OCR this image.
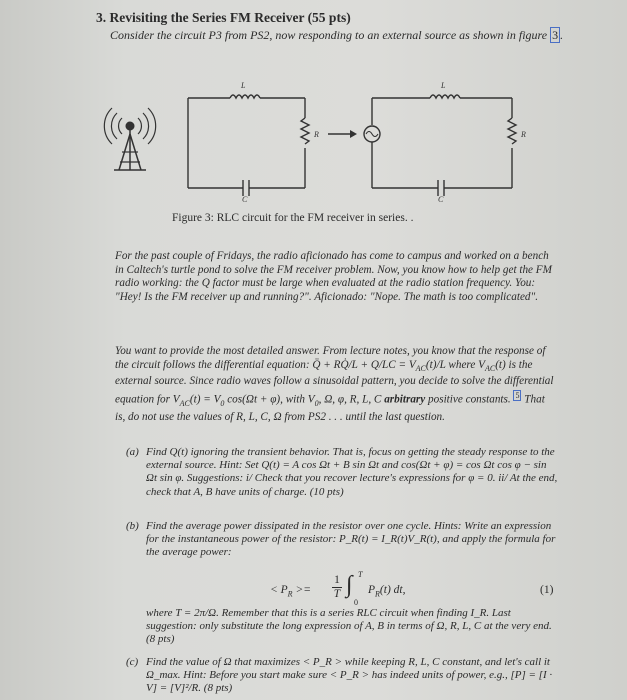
3. Revisiting the Series FM Receiver (55 pts)
Consider the circuit P3 from PS2, now responding to an external source as shown in figure 3 .
L
R
C
L
R
C
Figure 3: RLC circuit for the FM receiver in series. .
For the past couple of Fridays, the radio aficionado has come to campus and worked on a bench in Caltech's turtle pond to solve the FM receiver problem. Now, you know how to help get the FM radio working: the Q factor must be large when evaluated at the radio station frequency. You: "Hey! Is the FM receiver up and running?". Aficionado: "Nope. The math is too complicated".
You want to provide the most detailed answer. From lecture notes, you know that the response of the circuit follows the differential equation: Q̈ + RQ̇/L + $Q/LC = V_{AC}(t)/L$ where $V_{AC}(t)$ is the external source. Since radio waves follow a sinusoidal pattern, you decide to solve the differential equation for $V_{AC}(t) = V_0$ cos(Ωt + φ), with $V_0$, Ω, φ, R, L, C arbitrary positive constants. $^5$ That is, do not use the values of R, L, C, Ω from PS2 . . . until the last question.
(a) Find Q(t) ignoring the transient behavior. That is, focus on getting the steady response to the external source. Hint: Set Q(t) = A cos Ωt + B sin Ωt and cos(Ωt + φ) = cos Ωt cos φ − sin Ωt sin φ. Suggestions: i/ Check that you recover lecture's expressions for φ = 0. ii/ At the end, check that A, B have units of charge. (10 pts)
(b) Find the average power dissipated in the resistor over one cycle. Hints: Write an expression for the instantaneous power of the resistor: P_R(t) = I_R(t)V_R(t), and apply the formula for the average power:
< $P_R >= \frac{1}{T}$ ∫ T
0
$P_R(t)$ dt,	(1)
where T = 2π/Ω. Remember that this is a series RLC circuit when finding I_R. Last suggestion: only substitute the long expression of A, B in terms of Ω, R, L, C at the very end. (8 pts)
(c) Find the value of Ω that maximizes < P_R > while keeping R, L, C constant, and let's call it Ω_max. Hint: Before you start make sure < P_R > has indeed units of power, e.g., [P] = [I · V] = [V]²/R. (8 pts)
